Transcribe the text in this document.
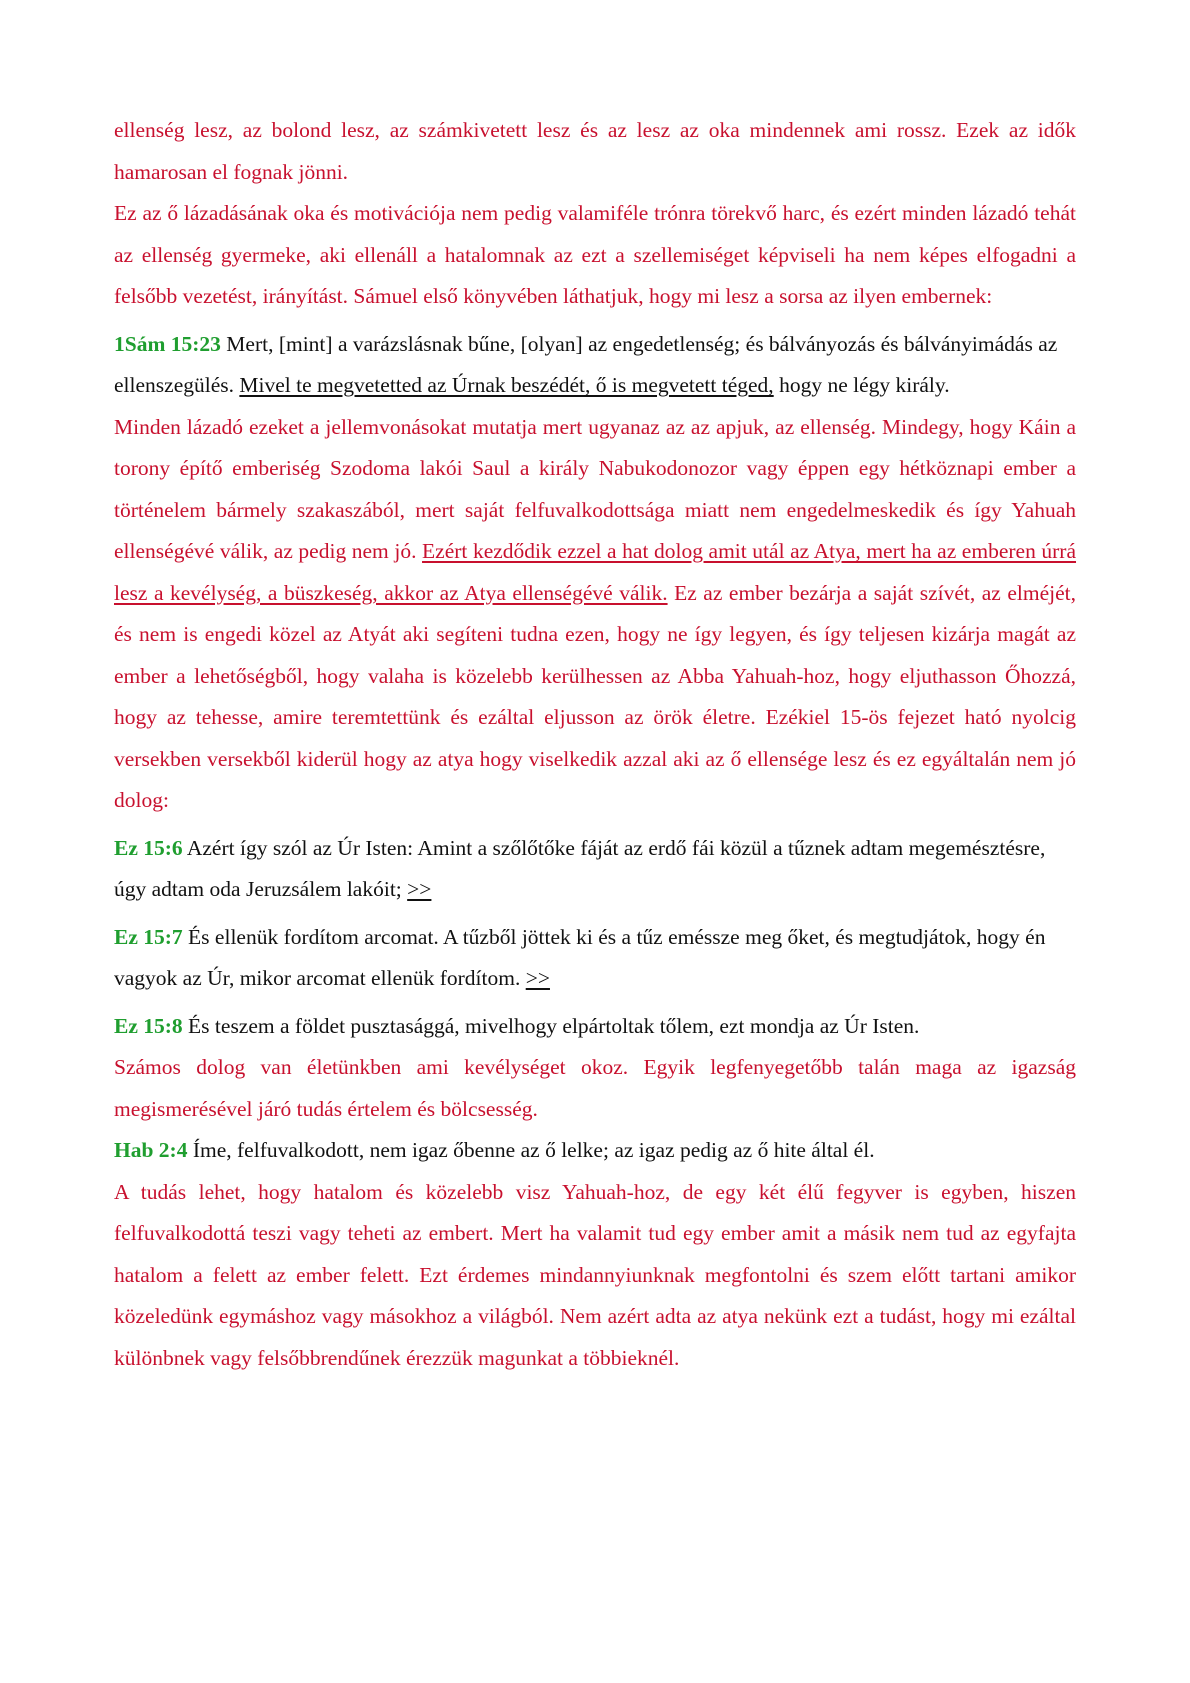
ellenség lesz, az bolond lesz, az számkivetett lesz és az lesz az oka mindennek ami rossz. Ezek az idők hamarosan el fognak jönni.

Ez az ő lázadásának oka és motivációja nem pedig valamiféle trónra törekvő harc, és ezért minden lázadó tehát az ellenség gyermeke, aki ellenáll a hatalomnak az ezt a szellemiséget képviseli ha nem képes elfogadni a felsőbb vezetést, irányítást. Sámuel első könyvében láthatjuk, hogy mi lesz a sorsa az ilyen embernek:

1Sám 15:23 Mert, [mint] a varázslásnak bűne, [olyan] az engedetlenség; és bálványozás és bálványimádás az ellenszegülés. Mivel te megvetetted az Úrnak beszédét, ő is megvetett téged, hogy ne légy király.

Minden lázadó ezeket a jellemvonásokat mutatja mert ugyanaz az az apjuk, az ellenség. Mindegy, hogy Káin a torony építő emberiség Szodoma lakói Saul a király Nabukodonozor vagy éppen egy hétköznapi ember a történelem bármely szakaszából, mert saját felfuvalkodottsága miatt nem engedelmeskedik és így Yahuah ellenségévé válik, az pedig nem jó. Ezért kezdődik ezzel a hat dolog amit utál az Atya, mert ha az emberen úrrá lesz a kevélység, a büszkeség, akkor az Atya ellenségévé válik. Ez az ember bezárja a saját szívét, az elméjét, és nem is engedi közel az Atyát aki segíteni tudna ezen, hogy ne így legyen, és így teljesen kizárja magát az ember a lehetőségből, hogy valaha is közelebb kerülhessen az Abba Yahuah-hoz, hogy eljuthasson Őhozzá, hogy az tehesse, amire teremtettünk és ezáltal eljusson az örök életre. Ezékiel 15-ös fejezet ható nyolcig versekben versekből kiderül hogy az atya hogy viselkedik azzal aki az ő ellensége lesz és ez egyáltalán nem jó dolog:

Ez 15:6 Azért így szól az Úr Isten: Amint a szőlőtőke fáját az erdő fái közül a tűznek adtam megemésztésre, úgy adtam oda Jeruzsálem lakóit; >>

Ez 15:7 És ellenük fordítom arcomat. A tűzből jöttek ki és a tűz eméssze meg őket, és megtudjátok, hogy én vagyok az Úr, mikor arcomat ellenük fordítom. >>

Ez 15:8 És teszem a földet pusztasággá, mivelhogy elpártoltak tőlem, ezt mondja az Úr Isten.

Számos dolog van életünkben ami kevélységet okoz. Egyik legfenyegetőbb talán maga az igazság megismerésével járó tudás értelem és bölcsesség.

Hab 2:4 Íme, felfuvalkodott, nem igaz őbenne az ő lelke; az igaz pedig az ő hite által él.

A tudás lehet, hogy hatalom és közelebb visz Yahuah-hoz, de egy két élű fegyver is egyben, hiszen felfuvalkodottá teszi vagy teheti az embert. Mert ha valamit tud egy ember amit a másik nem tud az egyfajta hatalom a felett az ember felett. Ezt érdemes mindannyiunknak megfontolni és szem előtt tartani amikor közeledünk egymáshoz vagy másokhoz a világból. Nem azért adta az atya nekünk ezt a tudást, hogy mi ezáltal különbnek vagy felsőbbrendűnek érezzük magunkat a többieknél.
